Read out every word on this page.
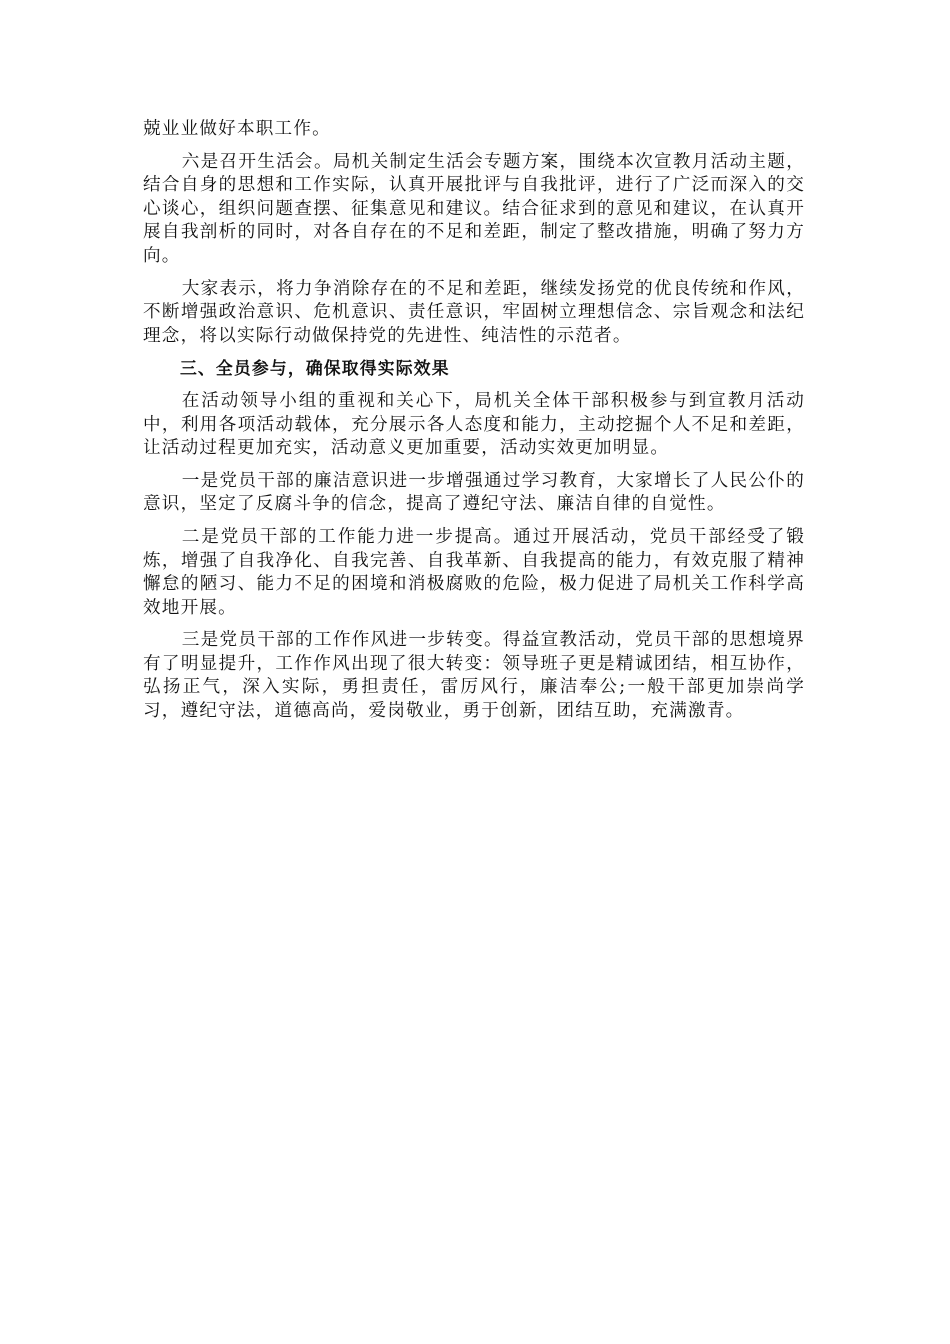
兢业业做好本职工作。

六是召开生活会。局机关制定生活会专题方案，围绕本次宣教月活动主题，结合自身的思想和工作实际，认真开展批评与自我批评，进行了广泛而深入的交心谈心，组织问题查摆、征集意见和建议。结合征求到的意见和建议，在认真开展自我剖析的同时，对各自存在的不足和差距，制定了整改措施，明确了努力方向。

大家表示，将力争消除存在的不足和差距，继续发扬党的优良传统和作风，不断增强政治意识、危机意识、责任意识，牢固树立理想信念、宗旨观念和法纪理念，将以实际行动做保持党的先进性、纯洁性的示范者。

三、全员参与，确保取得实际效果

在活动领导小组的重视和关心下，局机关全体干部积极参与到宣教月活动中，利用各项活动载体，充分展示各人态度和能力，主动挖掘个人不足和差距，让活动过程更加充实，活动意义更加重要，活动实效更加明显。

一是党员干部的廉洁意识进一步增强通过学习教育，大家增长了人民公仆的意识，坚定了反腐斗争的信念，提高了遵纪守法、廉洁自律的自觉性。

二是党员干部的工作能力进一步提高。通过开展活动，党员干部经受了锻炼，增强了自我净化、自我完善、自我革新、自我提高的能力，有效克服了精神懈怠的陋习、能力不足的困境和消极腐败的危险，极力促进了局机关工作科学高效地开展。

三是党员干部的工作作风进一步转变。得益宣教活动，党员干部的思想境界有了明显提升，工作作风出现了很大转变：领导班子更是精诚团结，相互协作，弘扬正气，深入实际，勇担责任，雷厉风行，廉洁奉公;一般干部更加崇尚学习，遵纪守法，道德高尚，爱岗敬业，勇于创新，团结互助，充满激青。
